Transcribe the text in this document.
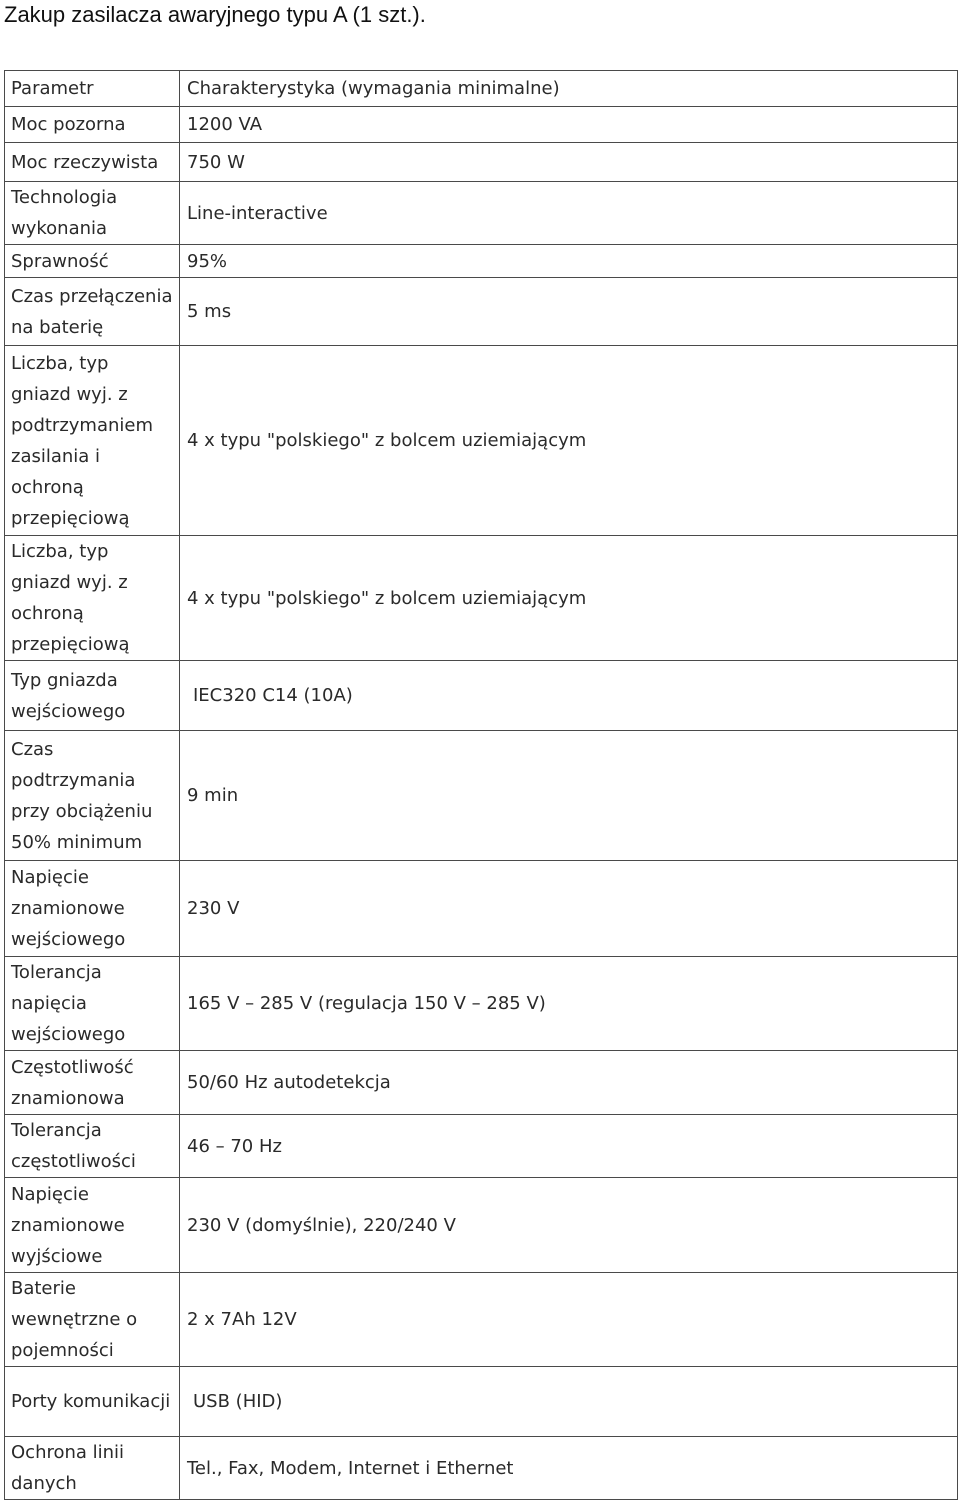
Zakup zasilacza awaryjnego typu A (1 szt.).
Parametr	Charakterystyka (wymagania minimalne)
Moc pozorna	1200 VA
Moc rzeczywista	750 W
Technologia wykonania	Line-interactive
Sprawność	95%
Czas przełączenia na baterię	5 ms
Liczba, typ gniazd wyj. z podtrzymaniem zasilania i ochroną przepięciową	4 x typu "polskiego" z bolcem uziemiającym
Liczba, typ gniazd wyj. z ochroną przepięciową	4 x typu "polskiego" z bolcem uziemiającym
Typ gniazda wejściowego	IEC320 C14 (10A)
Czas podtrzymania przy obciążeniu 50% minimum	9 min
Napięcie znamionowe wejściowego	230 V
Tolerancja napięcia wejściowego	165 V – 285 V (regulacja 150 V – 285 V)
Częstotliwość znamionowa	50/60 Hz autodetekcja
Tolerancja częstotliwości	46 – 70 Hz
Napięcie znamionowe wyjściowe	230 V (domyślnie), 220/240 V
Baterie wewnętrzne o pojemności	2 x 7Ah 12V
Porty komunikacji	USB (HID)
Ochrona linii danych	Tel., Fax, Modem, Internet i Ethernet
